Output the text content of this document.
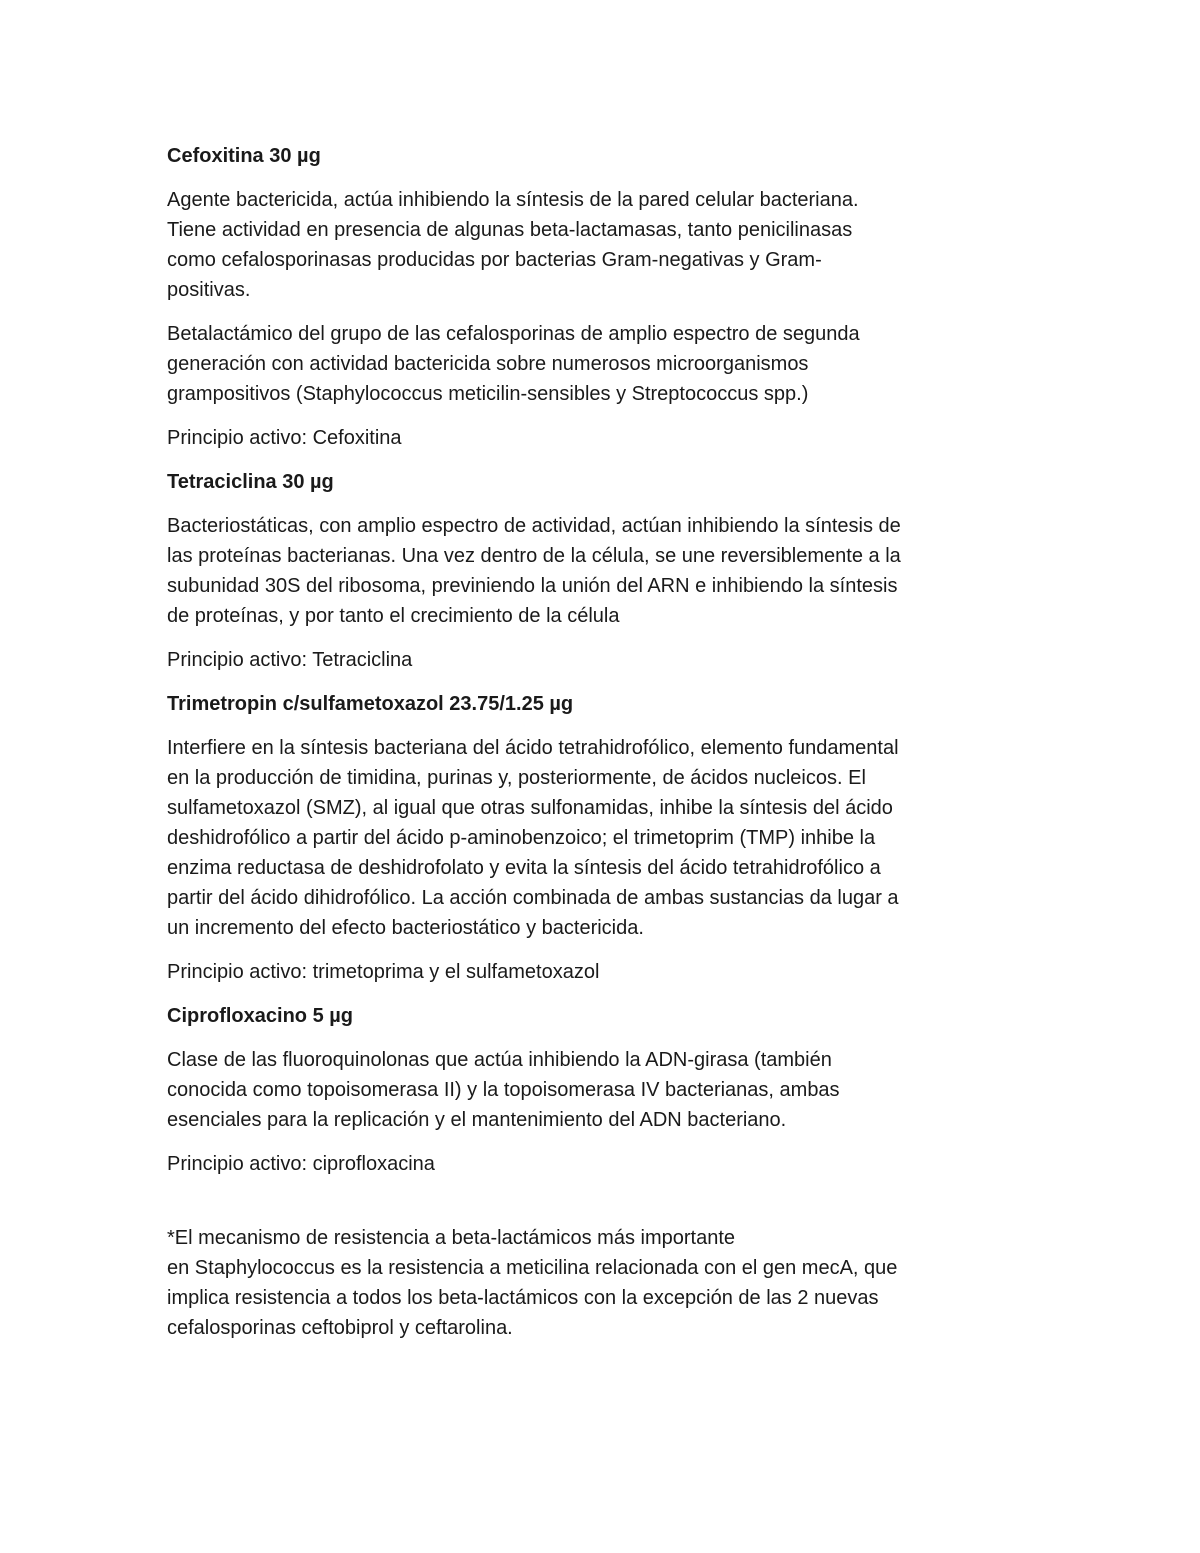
Cefoxitina 30 µg

Agente bactericida, actúa inhibiendo la síntesis de la pared celular bacteriana.
Tiene actividad en presencia de algunas beta-lactamasas, tanto penicilinasas
como cefalosporinasas producidas por bacterias Gram-negativas y Gram-
positivas.

Betalactámico del grupo de las cefalosporinas de amplio espectro de segunda
generación con actividad bactericida sobre numerosos microorganismos
grampositivos (Staphylococcus meticilin-sensibles y Streptococcus spp.)

Principio activo: Cefoxitina

Tetraciclina 30 µg

Bacteriostáticas, con amplio espectro de actividad, actúan inhibiendo la síntesis de
las proteínas bacterianas. Una vez dentro de la célula, se une reversiblemente a la
subunidad 30S del ribosoma, previniendo la unión del ARN e inhibiendo la síntesis
de proteínas, y por tanto el crecimiento de la célula

Principio activo: Tetraciclina

Trimetropin c/sulfametoxazol 23.75/1.25 µg

Interfiere en la síntesis bacteriana del ácido tetrahidrofólico, elemento fundamental
en la producción de timidina, purinas y, posteriormente, de ácidos nucleicos. El
sulfametoxazol (SMZ), al igual que otras sulfonamidas, inhibe la síntesis del ácido
deshidrofólico a partir del ácido p-aminobenzoico; el trimetoprim (TMP) inhibe la
enzima reductasa de deshidrofolato y evita la síntesis del ácido tetrahidrofólico a
partir del ácido dihidrofólico. La acción combinada de ambas sustancias da lugar a
un incremento del efecto bacteriostático y bactericida.

Principio activo: trimetoprima y el sulfametoxazol

Ciprofloxacino 5 µg

Clase de las fluoroquinolonas que actúa inhibiendo la ADN-girasa (también
conocida como topoisomerasa II) y la topoisomerasa IV bacterianas, ambas
esenciales para la replicación y el mantenimiento del ADN bacteriano.

Principio activo: ciprofloxacina

*El mecanismo de resistencia a beta-lactámicos más importante
en Staphylococcus es la resistencia a meticilina relacionada con el gen mecA, que
implica resistencia a todos los beta-lactámicos con la excepción de las 2 nuevas
cefalosporinas ceftobiprol y ceftarolina.
